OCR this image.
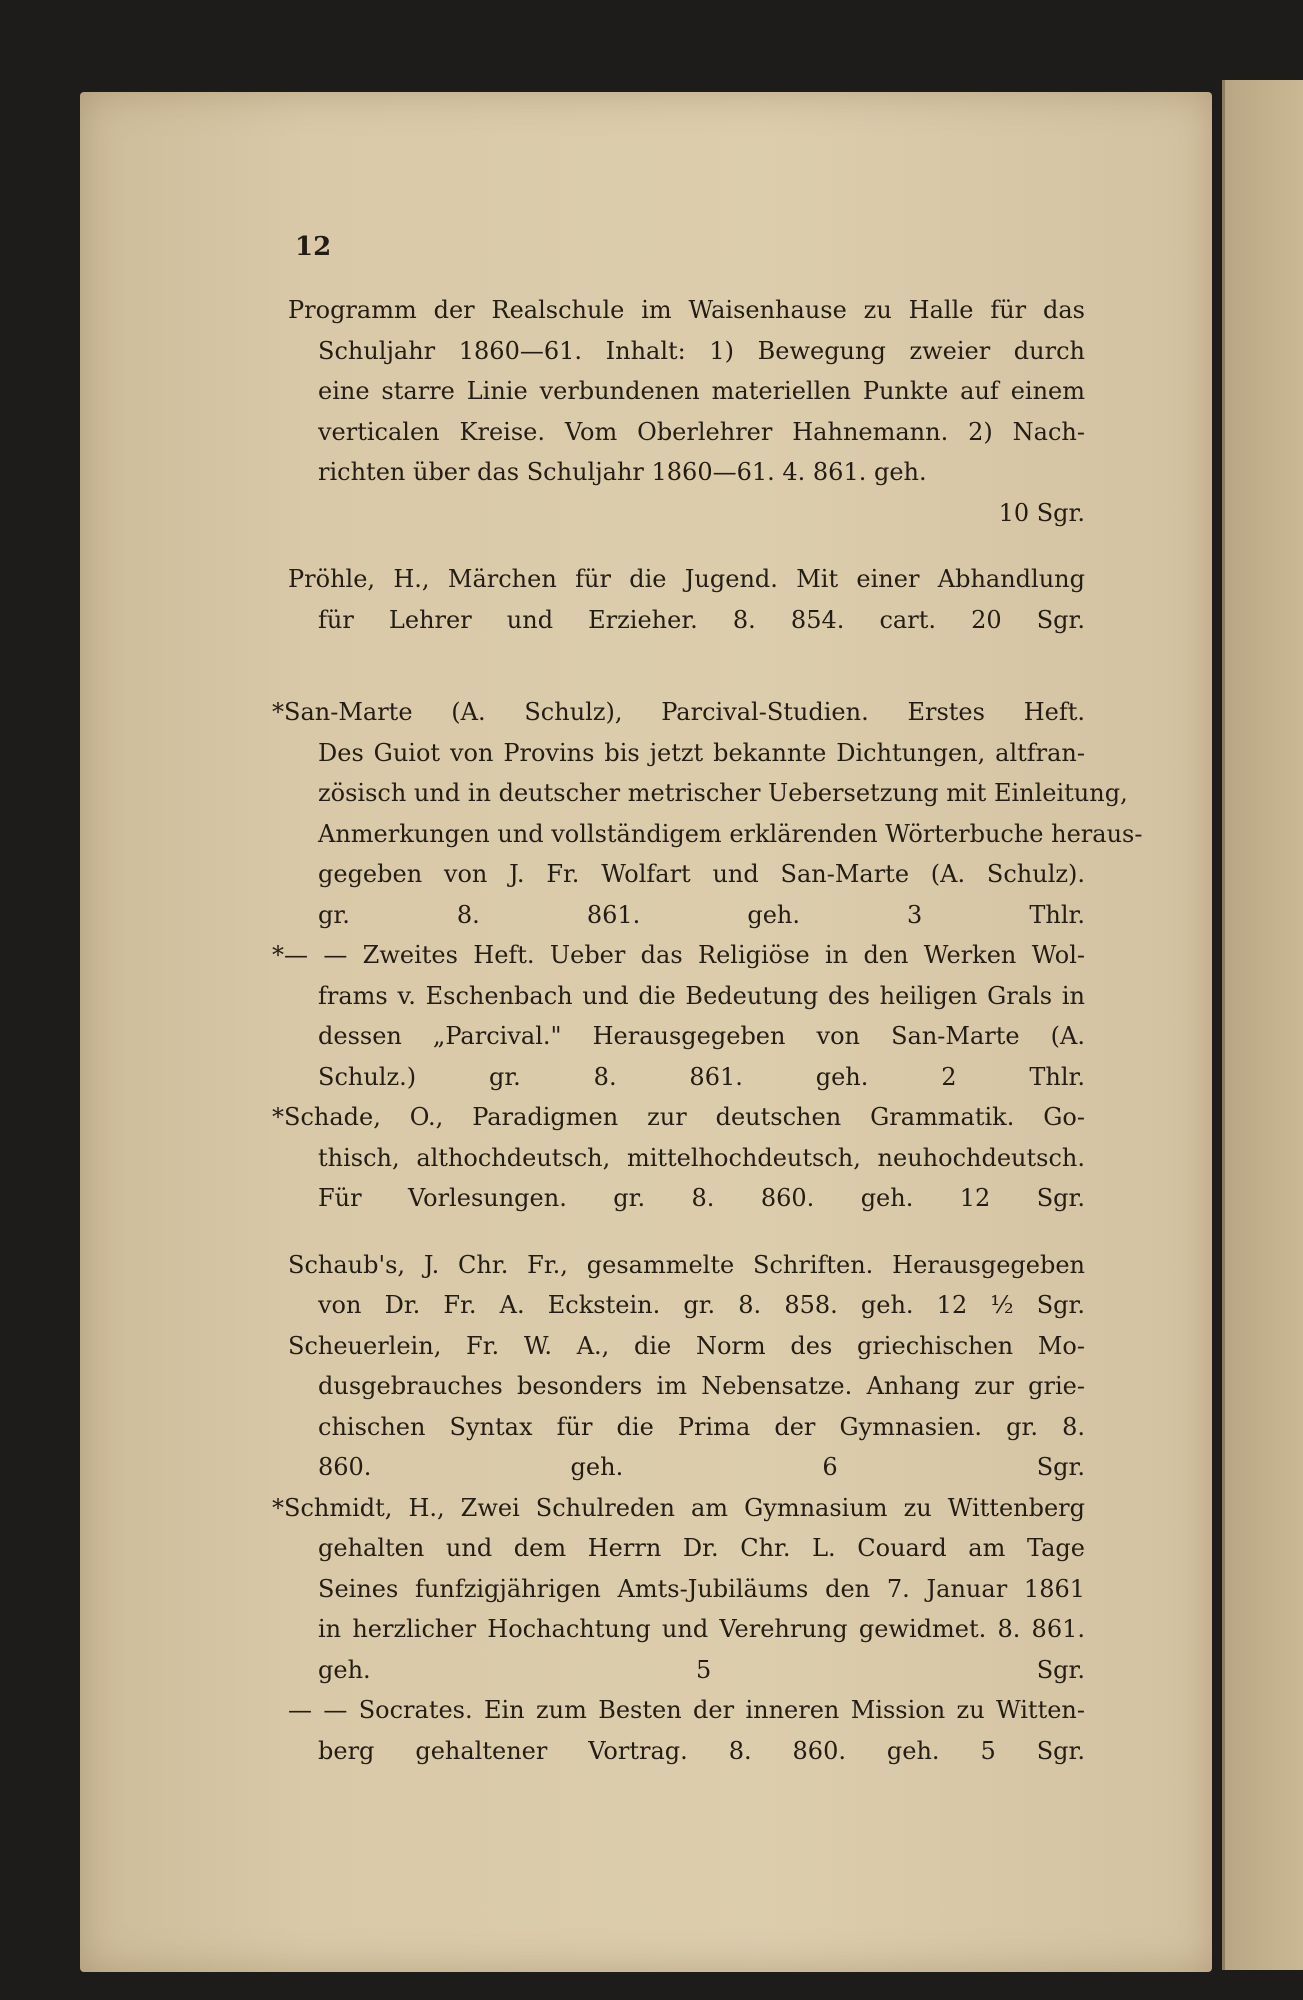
12
Programm der Realschule im Waisenhause zu Halle für das
Schuljahr 1860—61. Inhalt: 1) Bewegung zweier durch
eine starre Linie verbundenen materiellen Punkte auf einem
verticalen Kreise. Vom Oberlehrer Hahnemann. 2) Nach-
richten über das Schuljahr 1860—61. 4. 861. geh.
10 Sgr.
Pröhle, H., Märchen für die Jugend. Mit einer Abhandlung
für Lehrer und Erzieher. 8. 854. cart. 20 Sgr.
*San-Marte (A. Schulz), Parcival-Studien. Erstes Heft.
Des Guiot von Provins bis jetzt bekannte Dichtungen, altfran-
zösisch und in deutscher metrischer Uebersetzung mit Einleitung,
Anmerkungen und vollständigem erklärenden Wörterbuche heraus-
gegeben von J. Fr. Wolfart und San-Marte (A. Schulz).
gr. 8. 861. geh. 3 Thlr.
*— — Zweites Heft. Ueber das Religiöse in den Werken Wol-
frams v. Eschenbach und die Bedeutung des heiligen Grals in
dessen „Parcival." Herausgegeben von San-Marte (A.
Schulz.) gr. 8. 861. geh. 2 Thlr.
*Schade, O., Paradigmen zur deutschen Grammatik. Go-
thisch, althochdeutsch, mittelhochdeutsch, neuhochdeutsch.
Für Vorlesungen. gr. 8. 860. geh. 12 Sgr.
Schaub's, J. Chr. Fr., gesammelte Schriften. Herausgegeben
von Dr. Fr. A. Eckstein. gr. 8. 858. geh. 12 ½ Sgr.
Scheuerlein, Fr. W. A., die Norm des griechischen Mo-
dusgebrauches besonders im Nebensatze. Anhang zur grie-
chischen Syntax für die Prima der Gymnasien. gr. 8.
860. geh. 6 Sgr.
*Schmidt, H., Zwei Schulreden am Gymnasium zu Wittenberg
gehalten und dem Herrn Dr. Chr. L. Couard am Tage
Seines funfzigjährigen Amts-Jubiläums den 7. Januar 1861
in herzlicher Hochachtung und Verehrung gewidmet. 8. 861.
geh. 5 Sgr.
— — Socrates. Ein zum Besten der inneren Mission zu Witten-
berg gehaltener Vortrag. 8. 860. geh. 5 Sgr.
